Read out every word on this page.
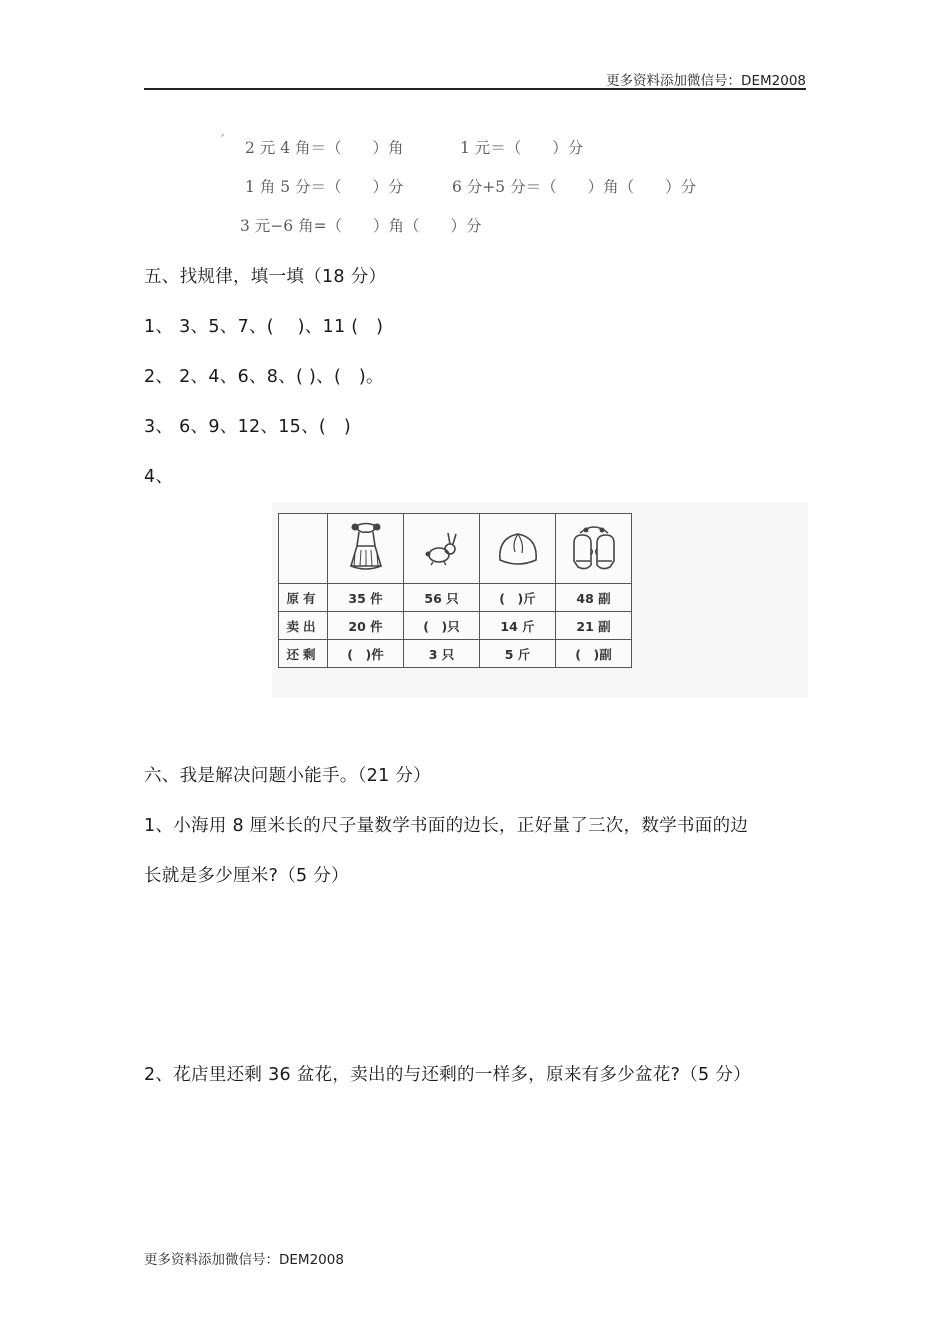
更多资料添加微信号：DEM2008
ˊ 2 元 4 角＝（　　）角	1 元＝（　　）分
1 角 5 分＝（　　）分	6 分+5 分＝（　　）角（　　）分
3 元−6 角=（　　）角（　　）分
五、找规律，填一填（18 分）
1、 3、5、7、(　 )、11 (　)
2、 2、4、6、8、( )、(　)。
3、 6、9、12、15、(　)
4、

原有	35 件	56 只	(　)斤	48 副
卖出	20 件	(　)只	14 斤	21 副
还剩	(　)件	3 只	5 斤	(　)副
六、我是解决问题小能手。（21 分）
1、小海用 8 厘米长的尺子量数学书面的边长，正好量了三次，数学书面的边
长就是多少厘米?（5 分）
2、花店里还剩 36 盆花，卖出的与还剩的一样多，原来有多少盆花?（5 分）
更多资料添加微信号：DEM2008
